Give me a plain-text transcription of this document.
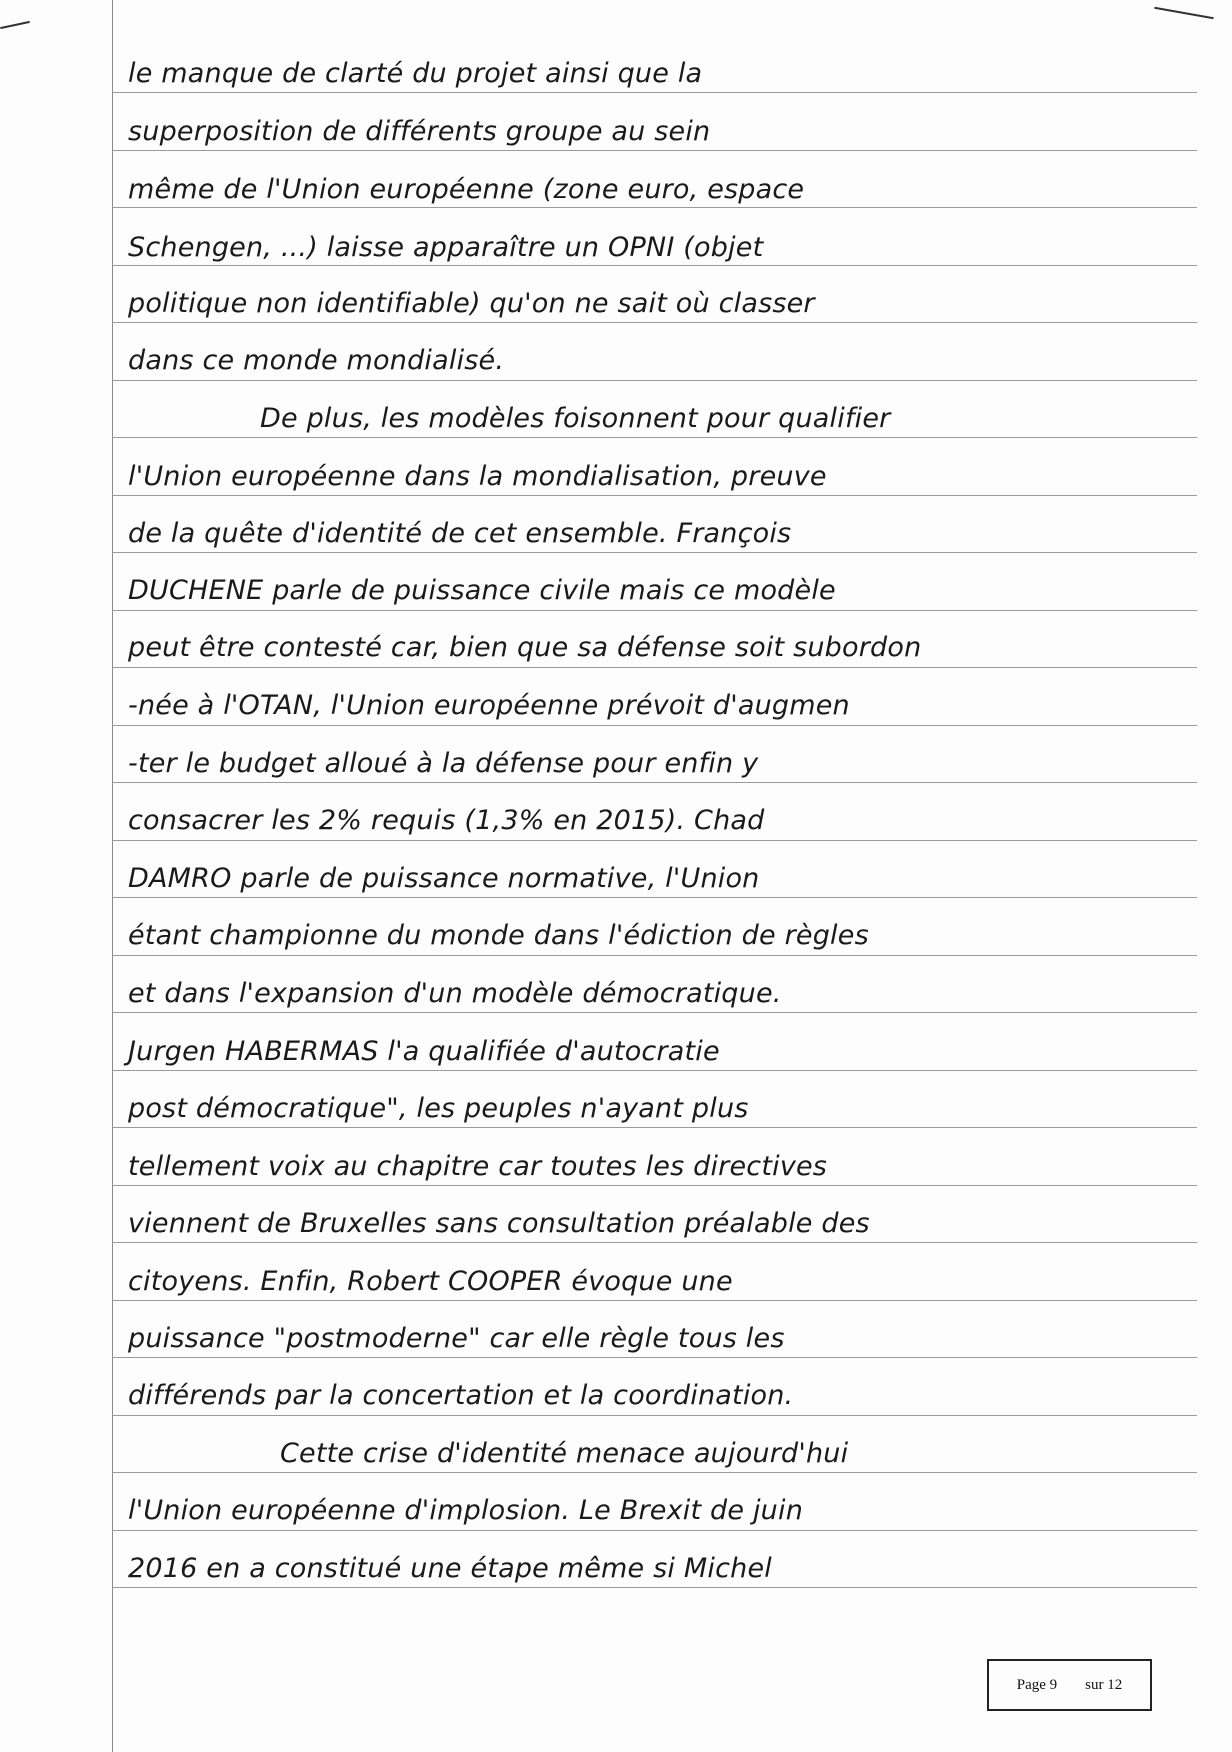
le manque de clarté du projet ainsi que la
superposition de différents groupe au sein
même de l'Union européenne (zone euro, espace
Schengen, ...) laisse apparaître un OPNI (objet
politique non identifiable) qu'on ne sait où classer
dans ce monde mondialisé.
De plus, les modèles foisonnent pour qualifier
l'Union européenne dans la mondialisation, preuve
de la quête d'identité de cet ensemble. François
DUCHENE parle de puissance civile mais ce modèle
peut être contesté car, bien que sa défense soit subordon
-née à l'OTAN, l'Union européenne prévoit d'augmen
-ter le budget alloué à la défense pour enfin y
consacrer les 2% requis (1,3% en 2015). Chad
DAMRO parle de puissance normative, l'Union
étant championne du monde dans l'édiction de règles
et dans l'expansion d'un modèle démocratique.
Jurgen HABERMAS l'a qualifiée d'autocratie
post démocratique", les peuples n'ayant plus
tellement voix au chapitre car toutes les directives
viennent de Bruxelles sans consultation préalable des
citoyens. Enfin, Robert COOPER évoque une
puissance "postmoderne" car elle règle tous les
différends par la concertation et la coordination.
Cette crise d'identité menace aujourd'hui
l'Union européenne d'implosion. Le Brexit de juin
2016 en a constitué une étape même si Michel
Page 9 sur 12
